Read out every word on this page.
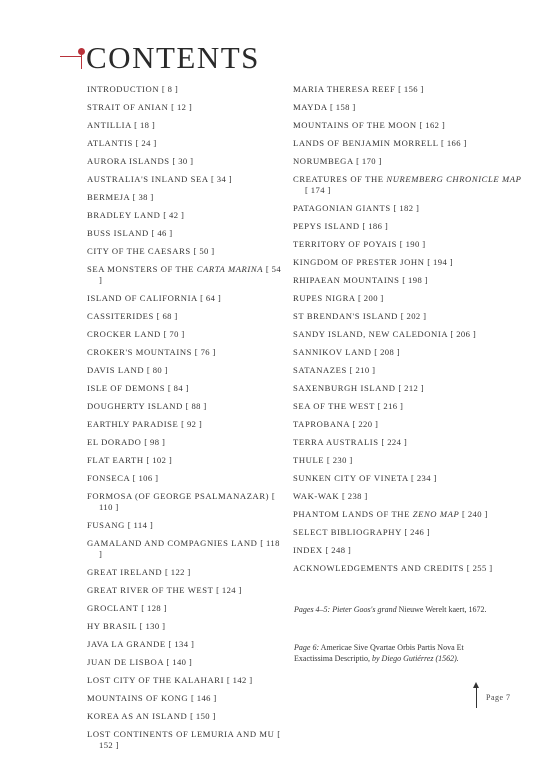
CONTENTS
INTRODUCTION [ 8 ]
STRAIT OF ANIAN [ 12 ]
ANTILLIA [ 18 ]
ATLANTIS [ 24 ]
AURORA ISLANDS [ 30 ]
AUSTRALIA'S INLAND SEA [ 34 ]
BERMEJA [ 38 ]
BRADLEY LAND [ 42 ]
BUSS ISLAND [ 46 ]
CITY OF THE CAESARS [ 50 ]
SEA MONSTERS OF THE CARTA MARINA [ 54 ]
ISLAND OF CALIFORNIA [ 64 ]
CASSITERIDES [ 68 ]
CROCKER LAND [ 70 ]
CROKER'S MOUNTAINS [ 76 ]
DAVIS LAND [ 80 ]
ISLE OF DEMONS [ 84 ]
DOUGHERTY ISLAND [ 88 ]
EARTHLY PARADISE [ 92 ]
EL DORADO [ 98 ]
FLAT EARTH [ 102 ]
FONSECA [ 106 ]
FORMOSA (OF GEORGE PSALMANAZAR) [ 110 ]
FUSANG [ 114 ]
GAMALAND AND COMPAGNIES LAND [ 118 ]
GREAT IRELAND [ 122 ]
GREAT RIVER OF THE WEST [ 124 ]
GROCLANT [ 128 ]
HY BRASIL [ 130 ]
JAVA LA GRANDE [ 134 ]
JUAN DE LISBOA [ 140 ]
LOST CITY OF THE KALAHARI [ 142 ]
MOUNTAINS OF KONG [ 146 ]
KOREA AS AN ISLAND [ 150 ]
LOST CONTINENTS OF LEMURIA AND MU [ 152 ]
MARIA THERESA REEF [ 156 ]
MAYDA [ 158 ]
MOUNTAINS OF THE MOON [ 162 ]
LANDS OF BENJAMIN MORRELL [ 166 ]
NORUMBEGA [ 170 ]
CREATURES OF THE NUREMBERG CHRONICLE MAP [ 174 ]
PATAGONIAN GIANTS [ 182 ]
PEPYS ISLAND [ 186 ]
TERRITORY OF POYAIS [ 190 ]
KINGDOM OF PRESTER JOHN [ 194 ]
RHIPAEAN MOUNTAINS [ 198 ]
RUPES NIGRA [ 200 ]
ST BRENDAN'S ISLAND [ 202 ]
SANDY ISLAND, NEW CALEDONIA [ 206 ]
SANNIKOV LAND [ 208 ]
SATANAZES [ 210 ]
SAXENBURGH ISLAND [ 212 ]
SEA OF THE WEST [ 216 ]
TAPROBANA [ 220 ]
TERRA AUSTRALIS [ 224 ]
THULE [ 230 ]
SUNKEN CITY OF VINETA [ 234 ]
WAK-WAK [ 238 ]
PHANTOM LANDS OF THE ZENO MAP [ 240 ]
SELECT BIBLIOGRAPHY [ 246 ]
INDEX [ 248 ]
ACKNOWLEDGEMENTS AND CREDITS [ 255 ]
Pages 4–5: Pieter Goos's grand Nieuwe Werelt kaert, 1672.
Page 6: Americae Sive Qvartae Orbis Partis Nova Et Exactissima Descriptio, by Diego Gutiérrez (1562).
Page 7
